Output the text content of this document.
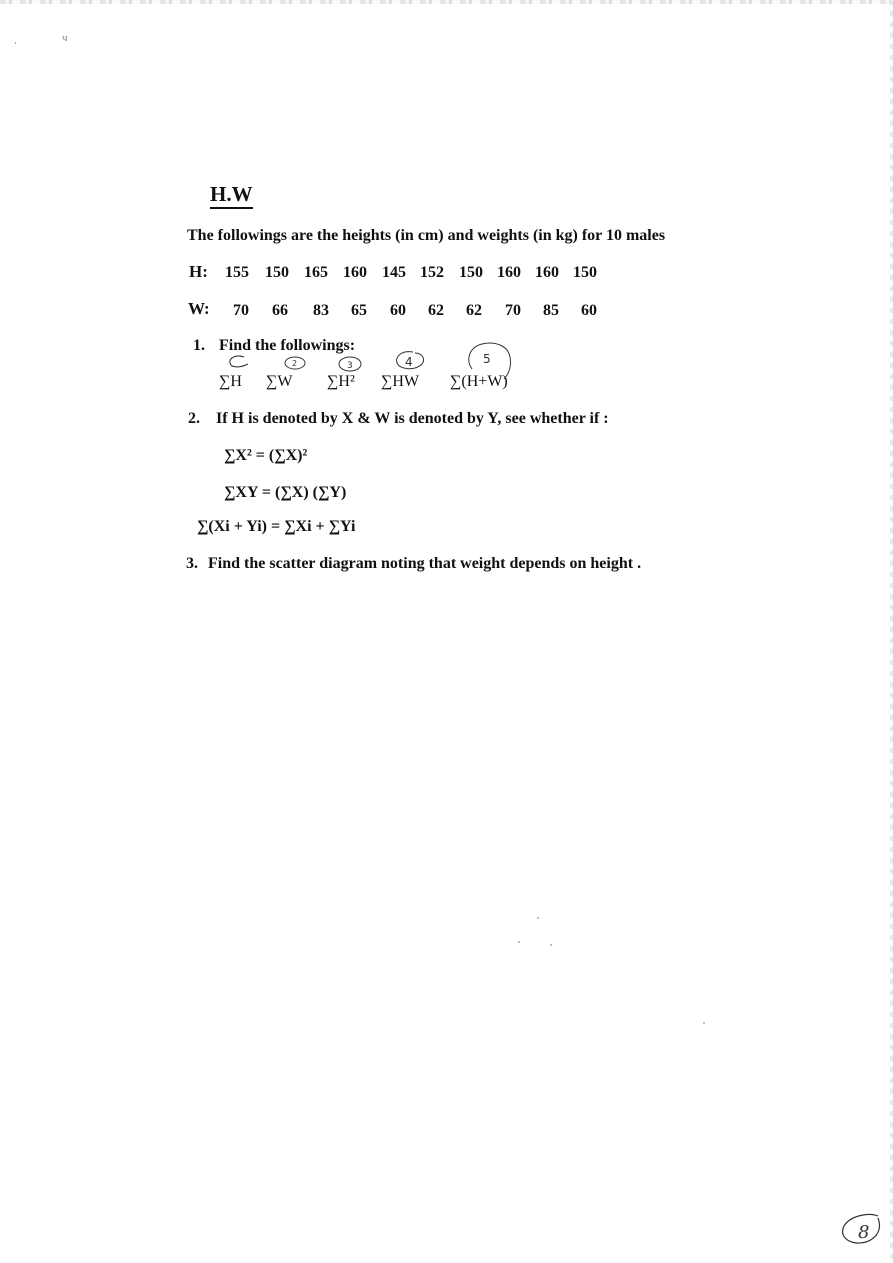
‘
ч
H.W
The followings are the heights (in cm) and weights (in kg) for 10 males
H: 155 150 165 160 145 152 150 160 160 150
W: 70 66 83 65 60 62 62 70 85 60
1. Find the followings:
2	3	4	5
∑H ∑W ∑H² ∑HW ∑(H+W)
2. If H is denoted by X & W is denoted by Y, see whether if :
∑X² = (∑X)²
∑XY = (∑X) (∑Y)
∑(Xi + Yi) = ∑Xi + ∑Yi
3. Find the scatter diagram noting that weight depends on height .
8
